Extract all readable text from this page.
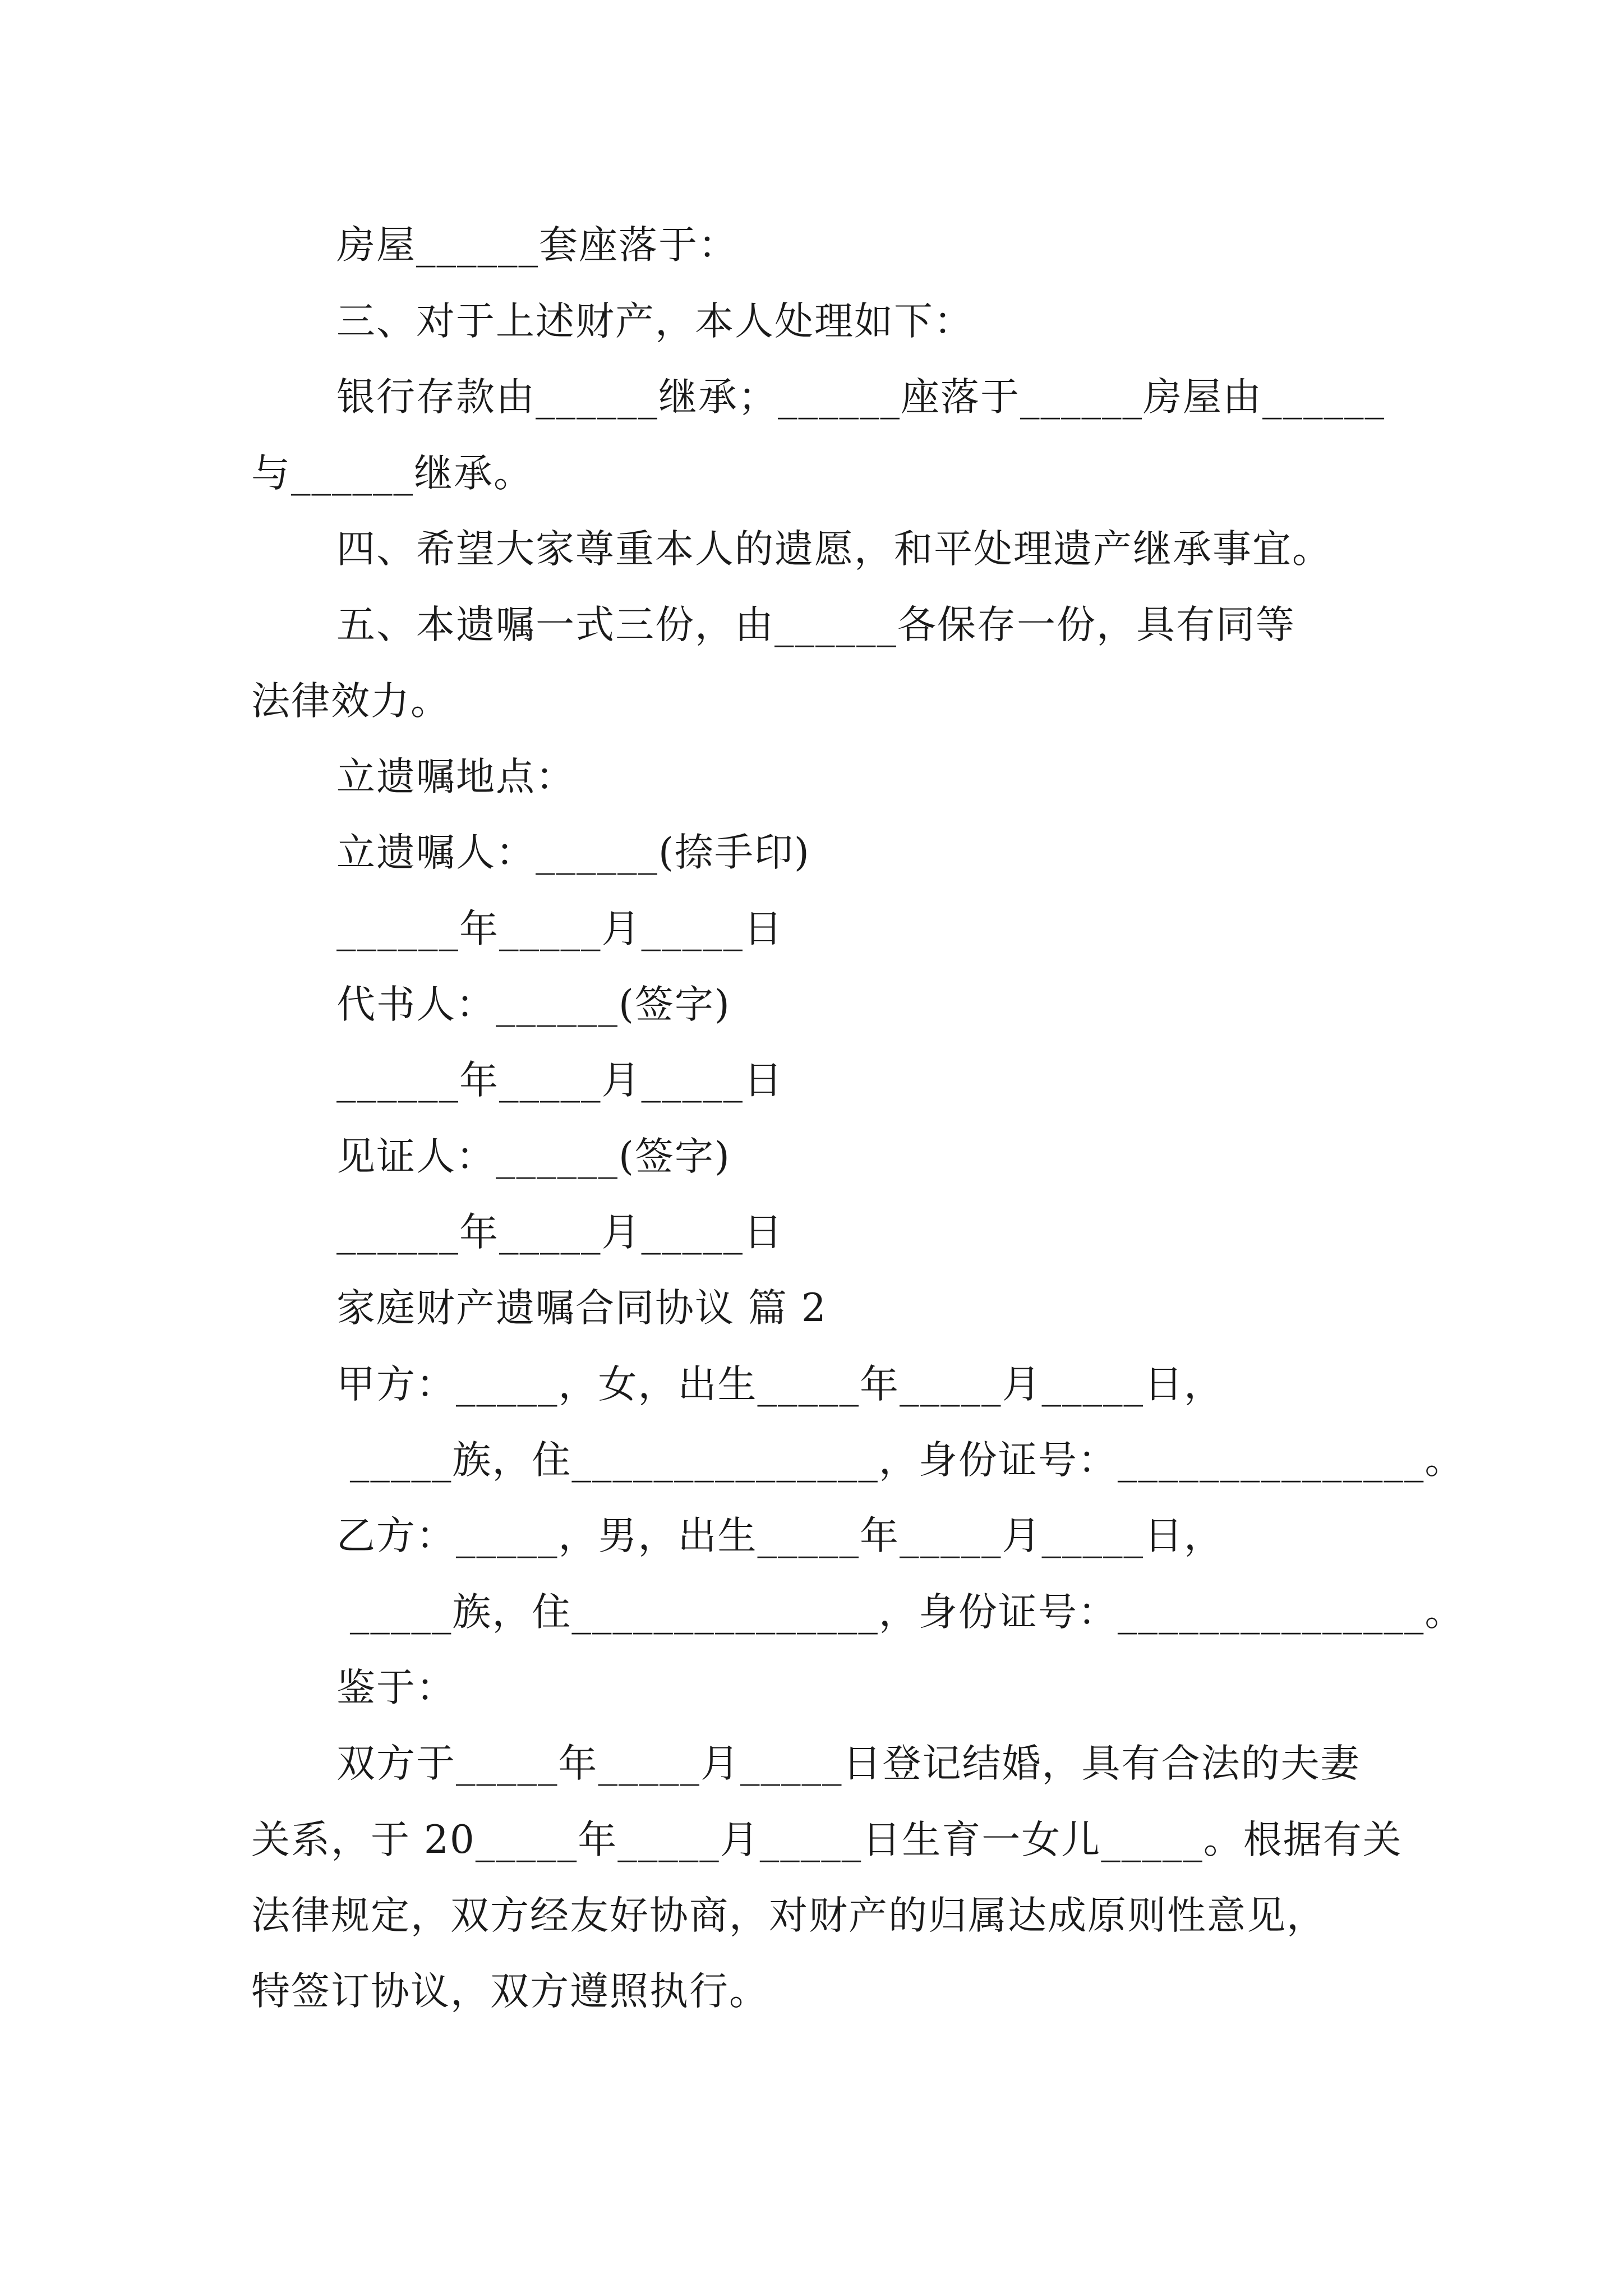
房屋______套座落于：
三、对于上述财产，本人处理如下：
银行存款由______继承；______座落于______房屋由______
与______继承。
四、希望大家尊重本人的遗愿，和平处理遗产继承事宜。
五、本遗嘱一式三份，由______各保存一份，具有同等
法律效力。
立遗嘱地点：
立遗嘱人：______(捺手印)
______年_____月_____日
代书人：______(签字)
______年_____月_____日
见证人：______(签字)
______年_____月_____日
家庭财产遗嘱合同协议 篇 2
甲方：_____，女，出生_____年_____月_____日，
_____族，住_______________，身份证号：_______________。
乙方：_____，男，出生_____年_____月_____日，
_____族，住_______________，身份证号：_______________。
鉴于：
双方于_____年_____月_____日登记结婚，具有合法的夫妻
关系，于 20_____年_____月_____日生育一女儿_____。根据有关
法律规定，双方经友好协商，对财产的归属达成原则性意见，
特签订协议，双方遵照执行。
